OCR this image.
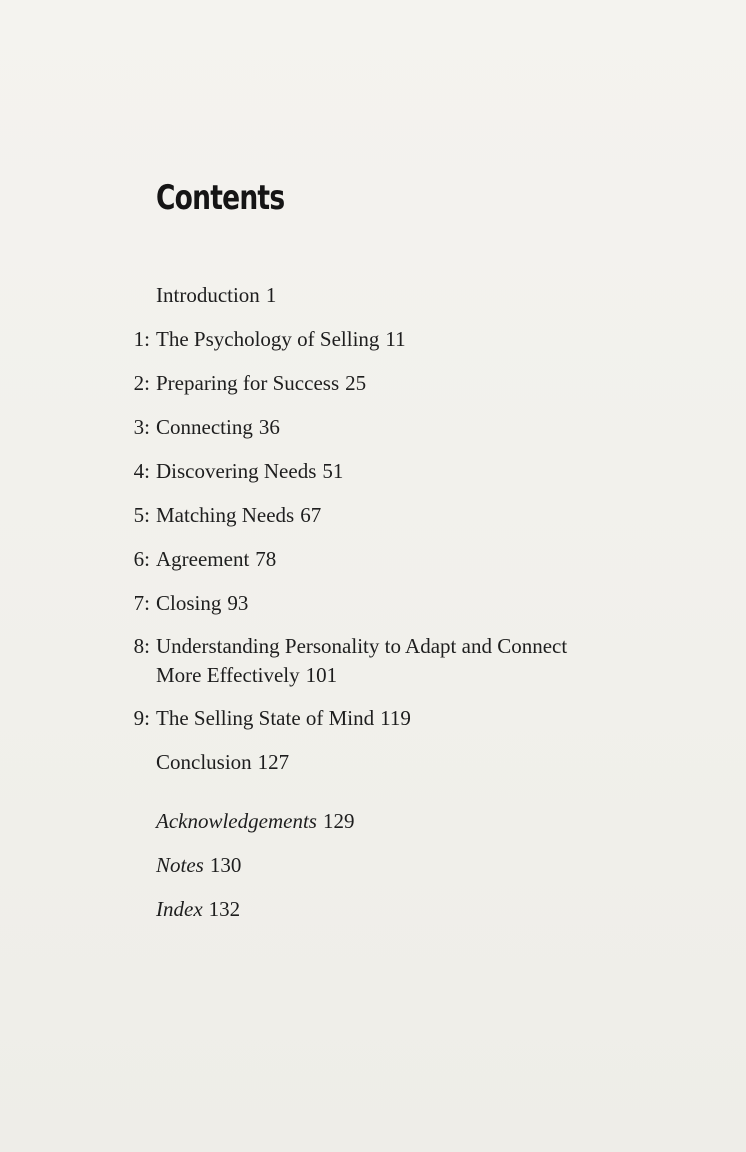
Contents
Introduction 1
1: The Psychology of Selling 11
2: Preparing for Success 25
3: Connecting 36
4: Discovering Needs 51
5: Matching Needs 67
6: Agreement 78
7: Closing 93
8: Understanding Personality to Adapt and Connect
More Effectively 101
9: The Selling State of Mind 119
Conclusion 127
Acknowledgements 129
Notes 130
Index 132
